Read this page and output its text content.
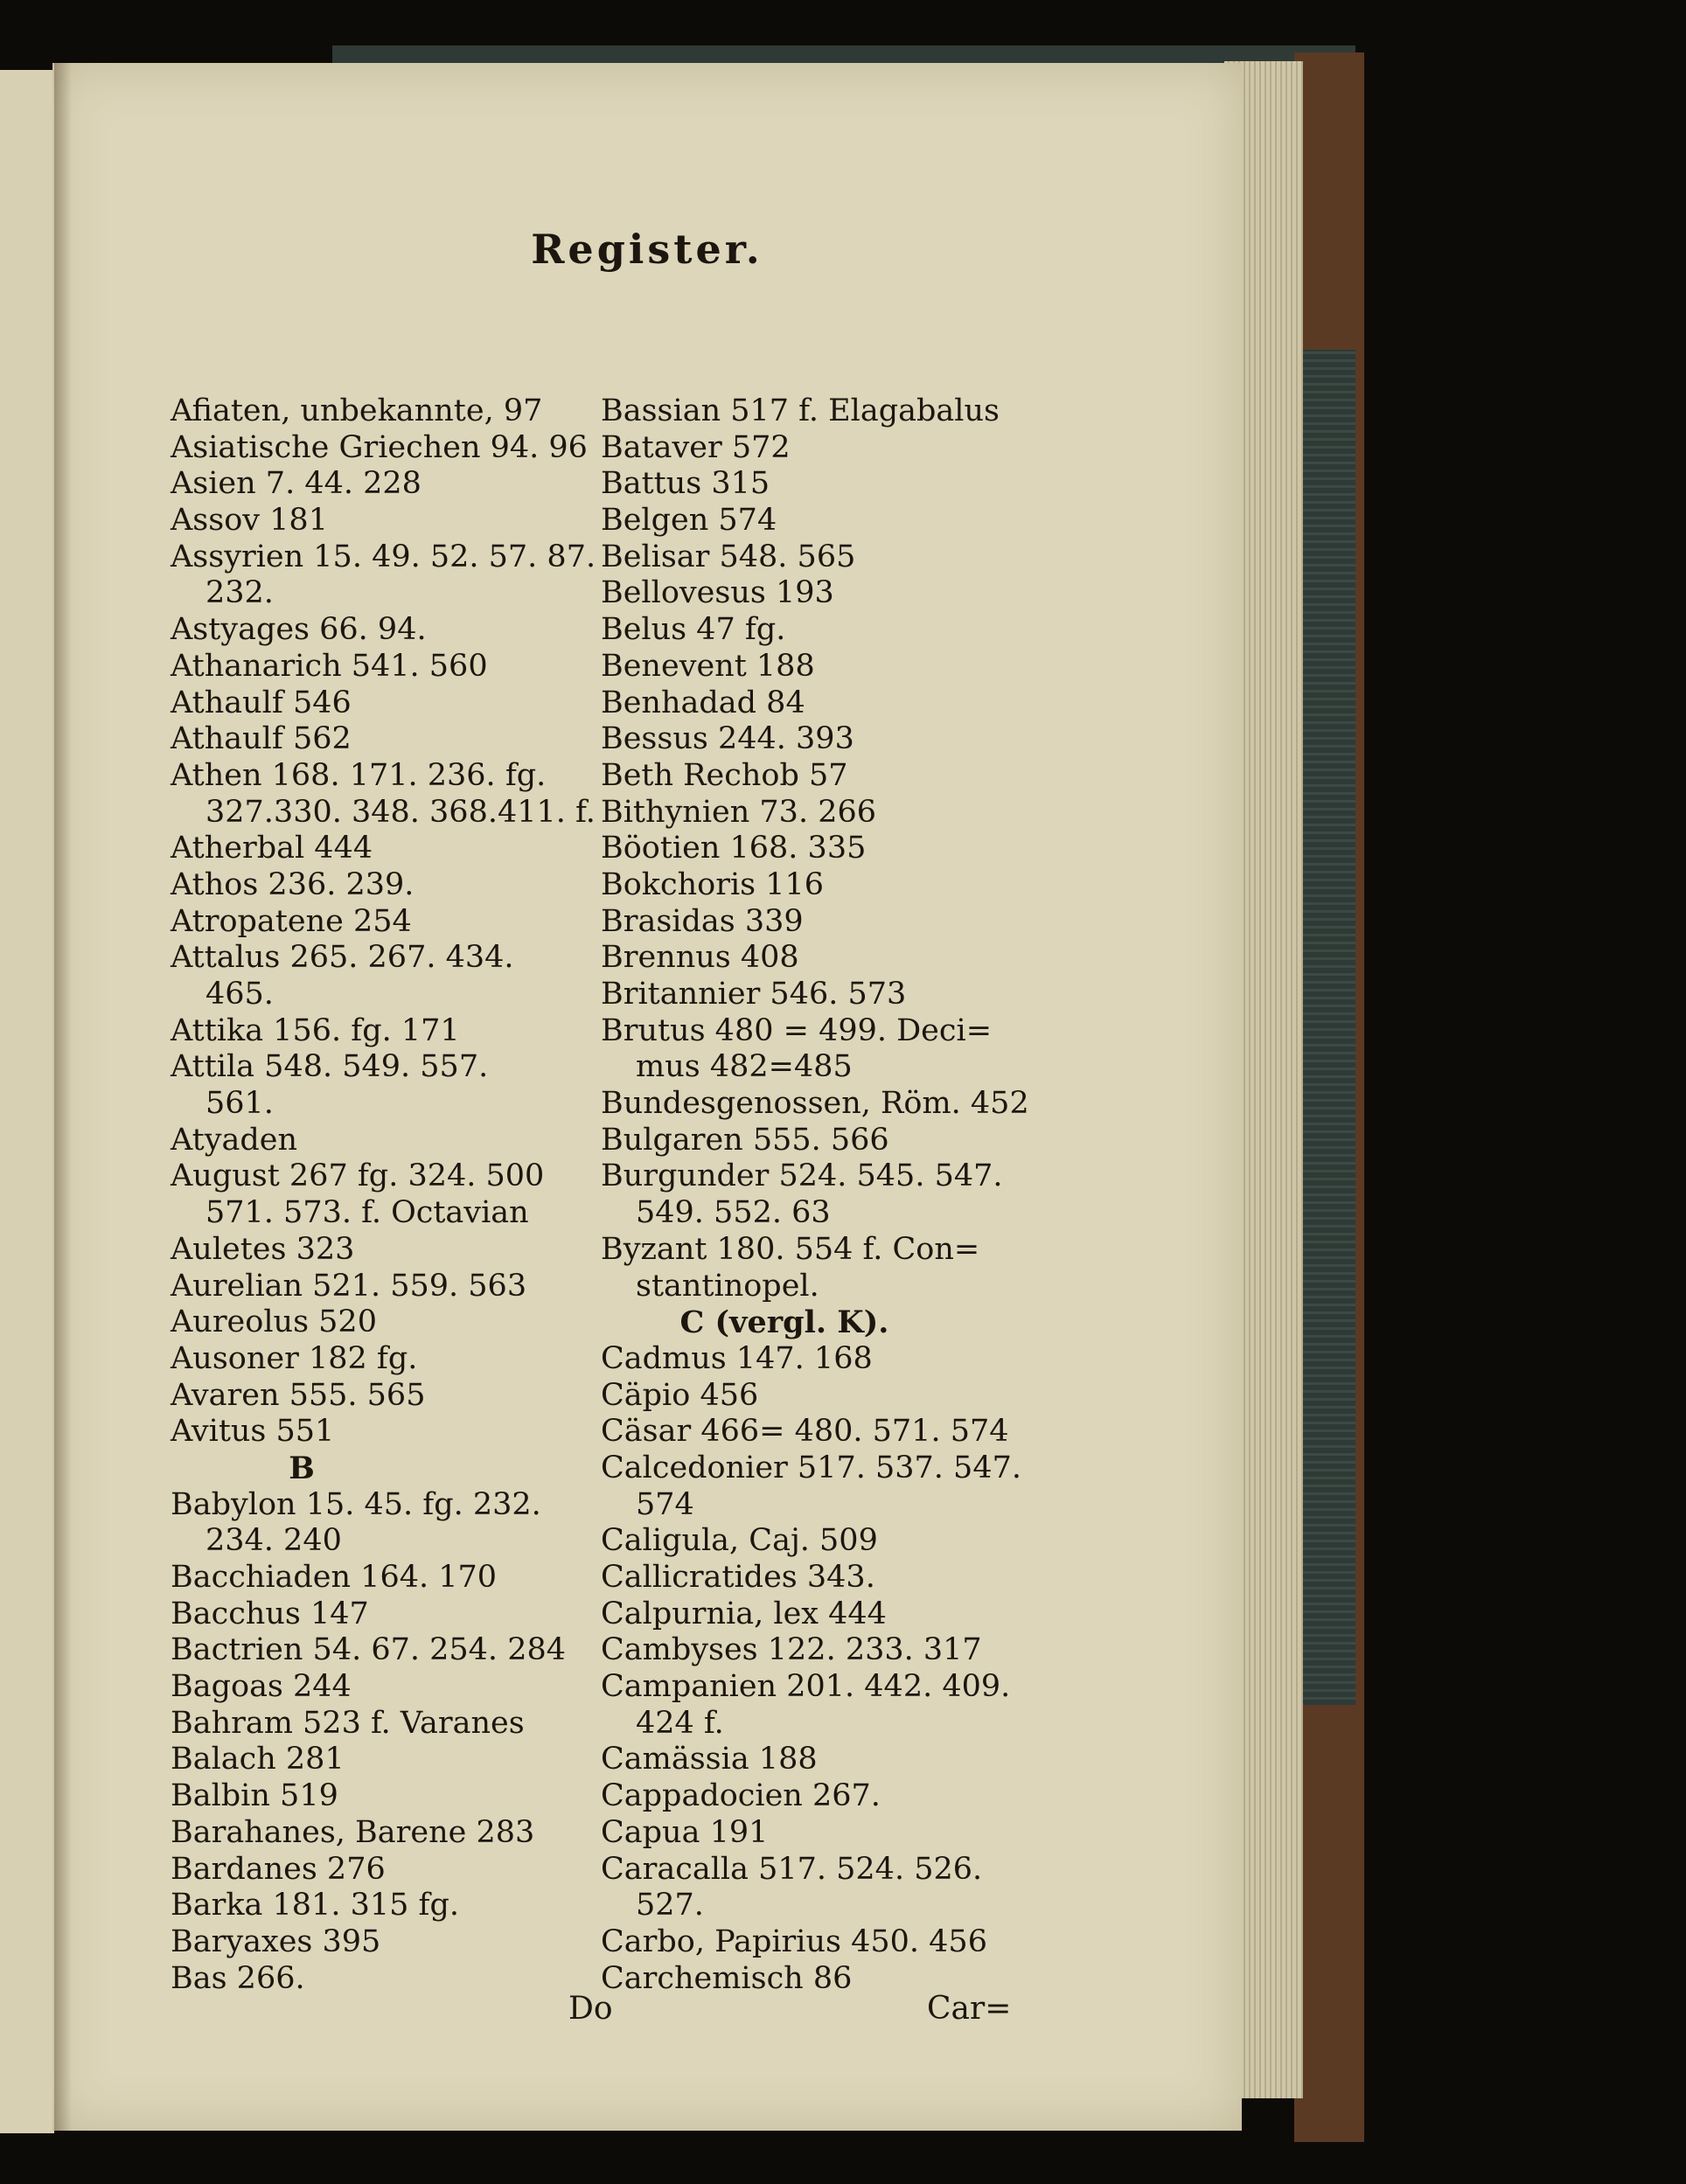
Register.
Afiaten, unbekannte, 97
Asiatische Griechen 94. 96
Asien 7. 44. 228
Assov 181
Assyrien 15. 49. 52. 57. 87.
232.
Astyages 66. 94.
Athanarich 541. 560
Athaulf 546
Athaulf 562
Athen 168. 171. 236. fg.
327.330. 348. 368.411. f.
Atherbal 444
Athos 236. 239.
Atropatene 254
Attalus 265. 267. 434.
465.
Attika 156. fg. 171
Attila 548. 549. 557.
561.
Atyaden
August 267 fg. 324. 500
571. 573. f. Octavian
Auletes 323
Aurelian 521. 559. 563
Aureolus 520
Ausoner 182 fg.
Avaren 555. 565
Avitus 551
B
Babylon 15. 45. fg. 232.
234. 240
Bacchiaden 164. 170
Bacchus 147
Bactrien 54. 67. 254. 284
Bagoas 244
Bahram 523 f. Varanes
Balach 281
Balbin 519
Barahanes, Barene 283
Bardanes 276
Barka 181. 315 fg.
Baryaxes 395
Bas 266.
Bassian 517 f. Elagabalus
Bataver 572
Battus 315
Belgen 574
Belisar 548. 565
Bellovesus 193
Belus 47 fg.
Benevent 188
Benhadad 84
Bessus 244. 393
Beth Rechob 57
Bithynien 73. 266
Böotien 168. 335
Bokchoris 116
Brasidas 339
Brennus 408
Britannier 546. 573
Brutus 480 = 499. Deci=
mus 482=485
Bundesgenossen, Röm. 452
Bulgaren 555. 566
Burgunder 524. 545. 547.
549. 552. 63
Byzant 180. 554 f. Con=
stantinopel.
C (vergl. K).
Cadmus 147. 168
Cäpio 456
Cäsar 466= 480. 571. 574
Calcedonier 517. 537. 547.
574
Caligula, Caj. 509
Callicratides 343.
Calpurnia, lex 444
Cambyses 122. 233. 317
Campanien 201. 442. 409.
424 f.
Camässia 188
Cappadocien 267.
Capua 191
Caracalla 517. 524. 526.
527.
Carbo, Papirius 450. 456
Carchemisch 86
Do	Car=
